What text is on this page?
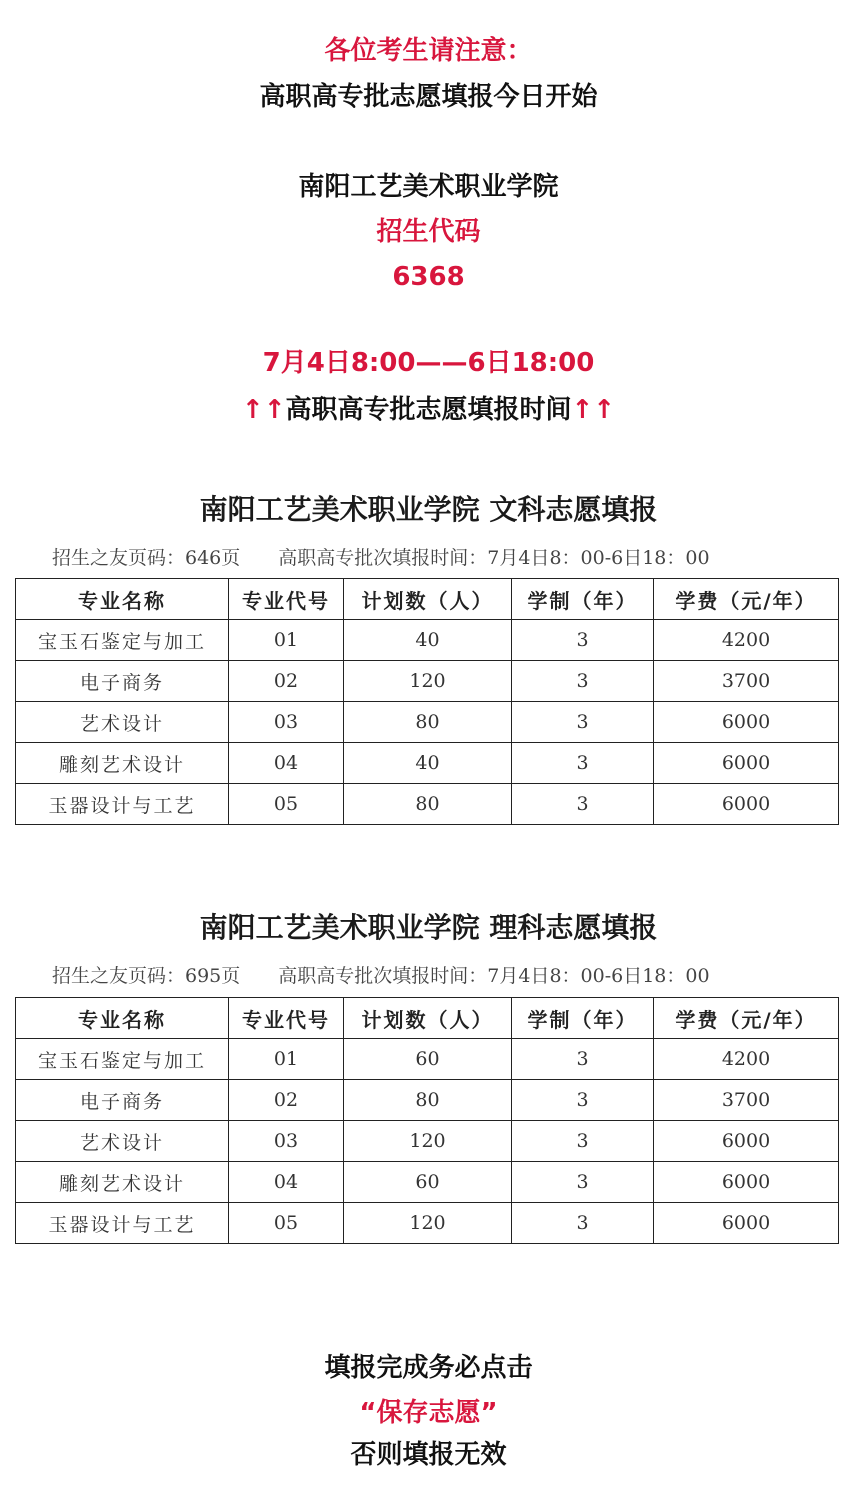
各位考生请注意：
高职高专批志愿填报今日开始
南阳工艺美术职业学院
招生代码
6368
7月4日8:00——6日18:00
↑↑高职高专批志愿填报时间↑↑
南阳工艺美术职业学院 文科志愿填报
招生之友页码：646页 高职高专批次填报时间：7月4日8：00-6日18：00
专业名称	专业代号	计划数（人）	学制（年）	学费（元/年）
宝玉石鉴定与加工	01	40	3	4200
电子商务	02	120	3	3700
艺术设计	03	80	3	6000
雕刻艺术设计	04	40	3	6000
玉器设计与工艺	05	80	3	6000
南阳工艺美术职业学院 理科志愿填报
招生之友页码：695页 高职高专批次填报时间：7月4日8：00-6日18：00
专业名称	专业代号	计划数（人）	学制（年）	学费（元/年）
宝玉石鉴定与加工	01	60	3	4200
电子商务	02	80	3	3700
艺术设计	03	120	3	6000
雕刻艺术设计	04	60	3	6000
玉器设计与工艺	05	120	3	6000
填报完成务必点击
“保存志愿”
否则填报无效
